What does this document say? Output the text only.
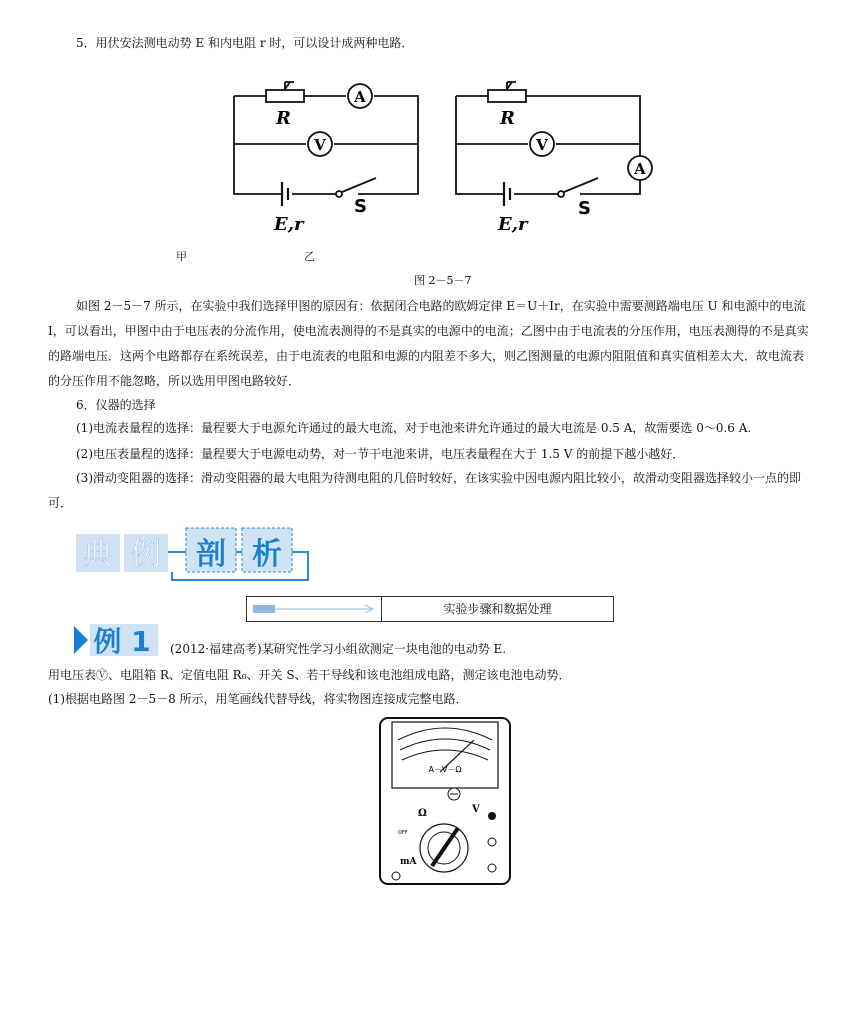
5．用伏安法测电动势 E 和内电阻 r 时，可以设计成两种电路．
A
V
R
S
E,r
A
V
R
S
E,r
甲	乙
图 2－5－7
如图 2－5－7 所示，在实验中我们选择甲图的原因有：依据闭合电路的欧姆定律 E＝U＋Ir，在实验中需要测路端电压 U 和电源中的电流 I，可以看出，甲图中由于电压表的分流作用，使电流表测得的不是真实的电源中的电流；乙图中由于电流表的分压作用，电压表测得的不是真实的路端电压．这两个电路都存在系统误差，由于电流表的电阻和电源的内阻差不多大，则乙图测量的电源内阻阻值和真实值相差太大．故电流表的分压作用不能忽略，所以选用甲图电路较好．
6．仪器的选择
(1)电流表量程的选择：量程要大于电源允许通过的最大电流，对于电池来讲允许通过的最大电流是 0.5 A，故需要选 0～0.6 A.
(2)电压表量程的选择：量程要大于电源电动势，对一节干电池来讲，电压表量程在大于 1.5 V 的前提下越小越好．
(3)滑动变阻器的选择：滑动变阻器的最大电阻为待测电阻的几倍时较好，在该实验中因电源内阻比较小，故滑动变阻器选择较小一点的即可．
典 例 剖 析
实验步骤和数据处理
例 1 (2012·福建高考)某研究性学习小组欲测定一块电池的电动势 E.
用电压表Ⓥ、电阻箱 R、定值电阻 R₀、开关 S、若干导线和该电池组成电路，测定该电池电动势．
(1)根据电路图 2－5－8 所示，用笔画线代替导线，将实物图连接成完整电路．
A－V－Ω
Ω
mA
V
OFF
